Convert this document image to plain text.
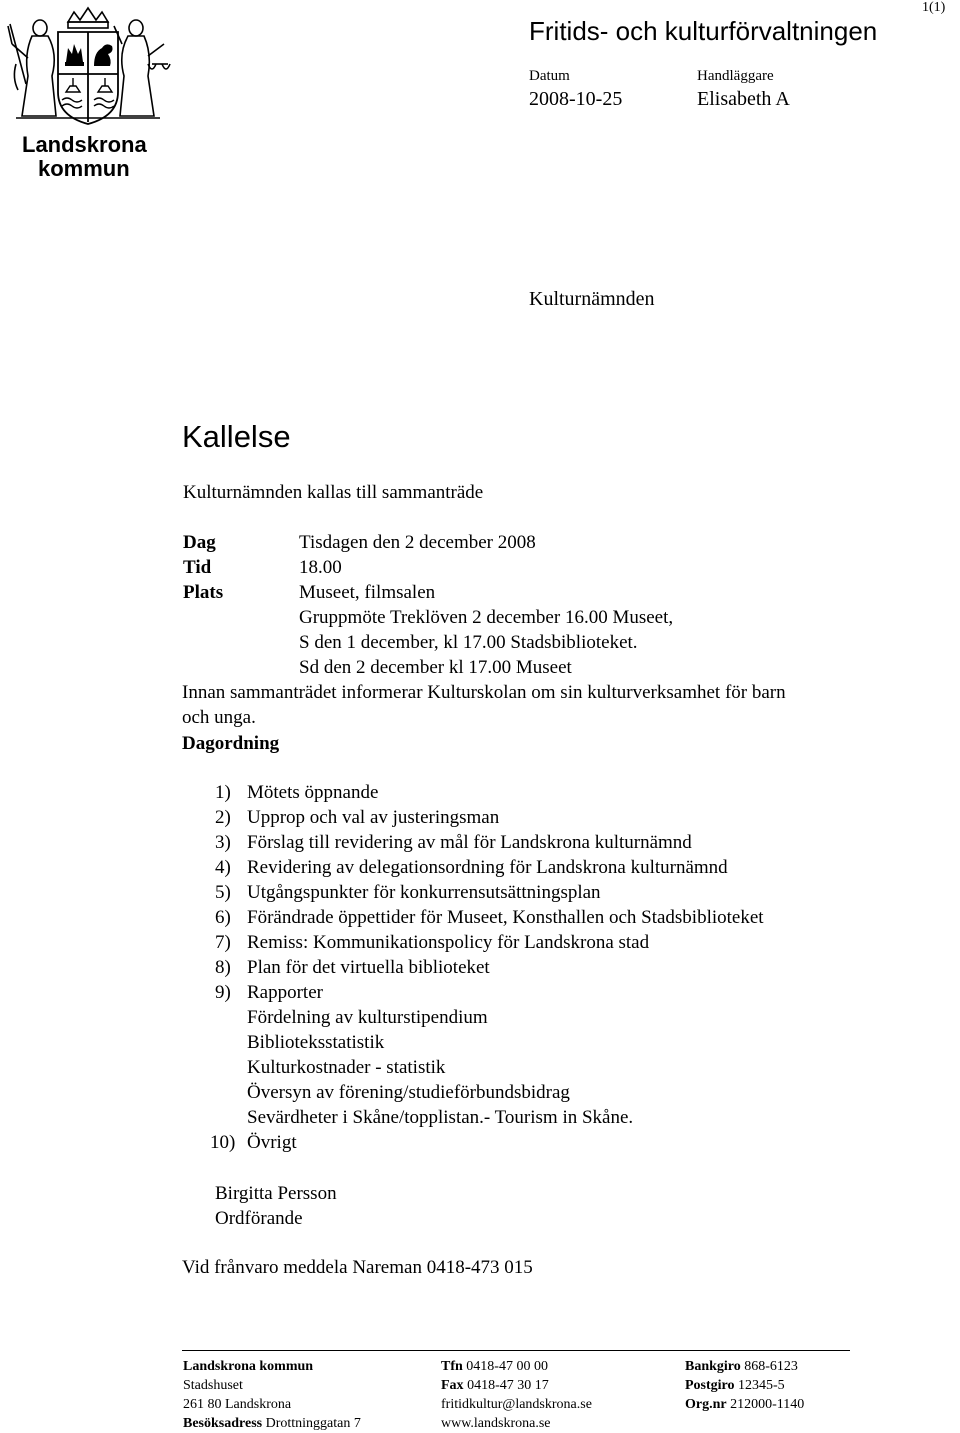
Landskrona
kommun
1(1)
Fritids- och kulturförvaltningen
Datum
2008-10-25
Handläggare
Elisabeth A
Kulturnämnden
Kallelse
Kulturnämnden kallas till sammanträde
Dag	Tisdagen den 2 december 2008
Tid	18.00
Plats	Museet, filmsalen
Gruppmöte Treklöven 2 december 16.00 Museet,
S den 1 december, kl 17.00 Stadsbiblioteket.
Sd den 2 december kl 17.00 Museet
Innan sammanträdet informerar Kulturskolan om sin kulturverksamhet för barn
och unga.
Dagordning
1) Mötets öppnande
2) Upprop och val av justeringsman
3) Förslag till revidering av mål för Landskrona kulturnämnd
4) Revidering av delegationsordning för Landskrona kulturnämnd
5) Utgångspunkter för konkurrensutsättningsplan
6) Förändrade öppettider för Museet, Konsthallen och Stadsbiblioteket
7) Remiss: Kommunikationspolicy för Landskrona stad
8) Plan för det virtuella biblioteket
9) Rapporter
Fördelning av kulturstipendium
Biblioteksstatistik
Kulturkostnader - statistik
Översyn av förening/studieförbundsbidrag
Sevärdheter i Skåne/topplistan.- Tourism in Skåne.
10) Övrigt
Birgitta Persson
Ordförande
Vid frånvaro meddela Nareman 0418-473 015
Landskrona kommun
Stadshuset
261 80 Landskrona
Besöksadress Drottninggatan 7
Tfn 0418-47 00 00
Fax 0418-47 30 17
fritidkultur@landskrona.se
www.landskrona.se
Bankgiro 868-6123
Postgiro 12345-5
Org.nr 212000-1140
